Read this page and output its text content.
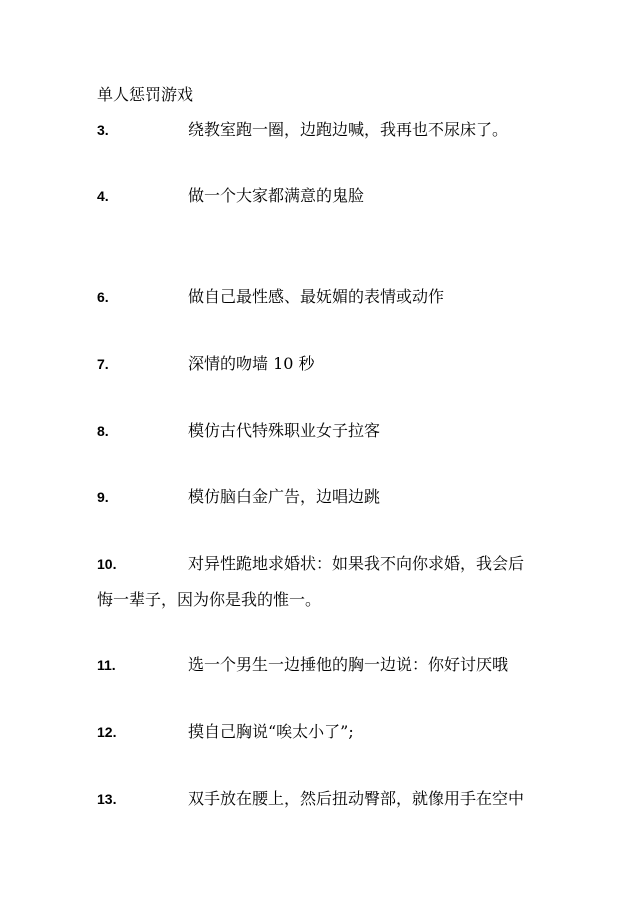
单人惩罚游戏
3.	绕教室跑一圈，边跑边喊，我再也不尿床了。
4.	做一个大家都满意的鬼脸
6.	做自己最性感、最妩媚的表情或动作
7.	深情的吻墙 10 秒
8.	模仿古代特殊职业女子拉客
9.	模仿脑白金广告，边唱边跳
10.	对异性跪地求婚状：如果我不向你求婚，我会后
悔一辈子，因为你是我的惟一。
11.	选一个男生一边捶他的胸一边说：你好讨厌哦
12.	摸自己胸说“唉太小了”;
13.	双手放在腰上，然后扭动臀部，就像用手在空中
